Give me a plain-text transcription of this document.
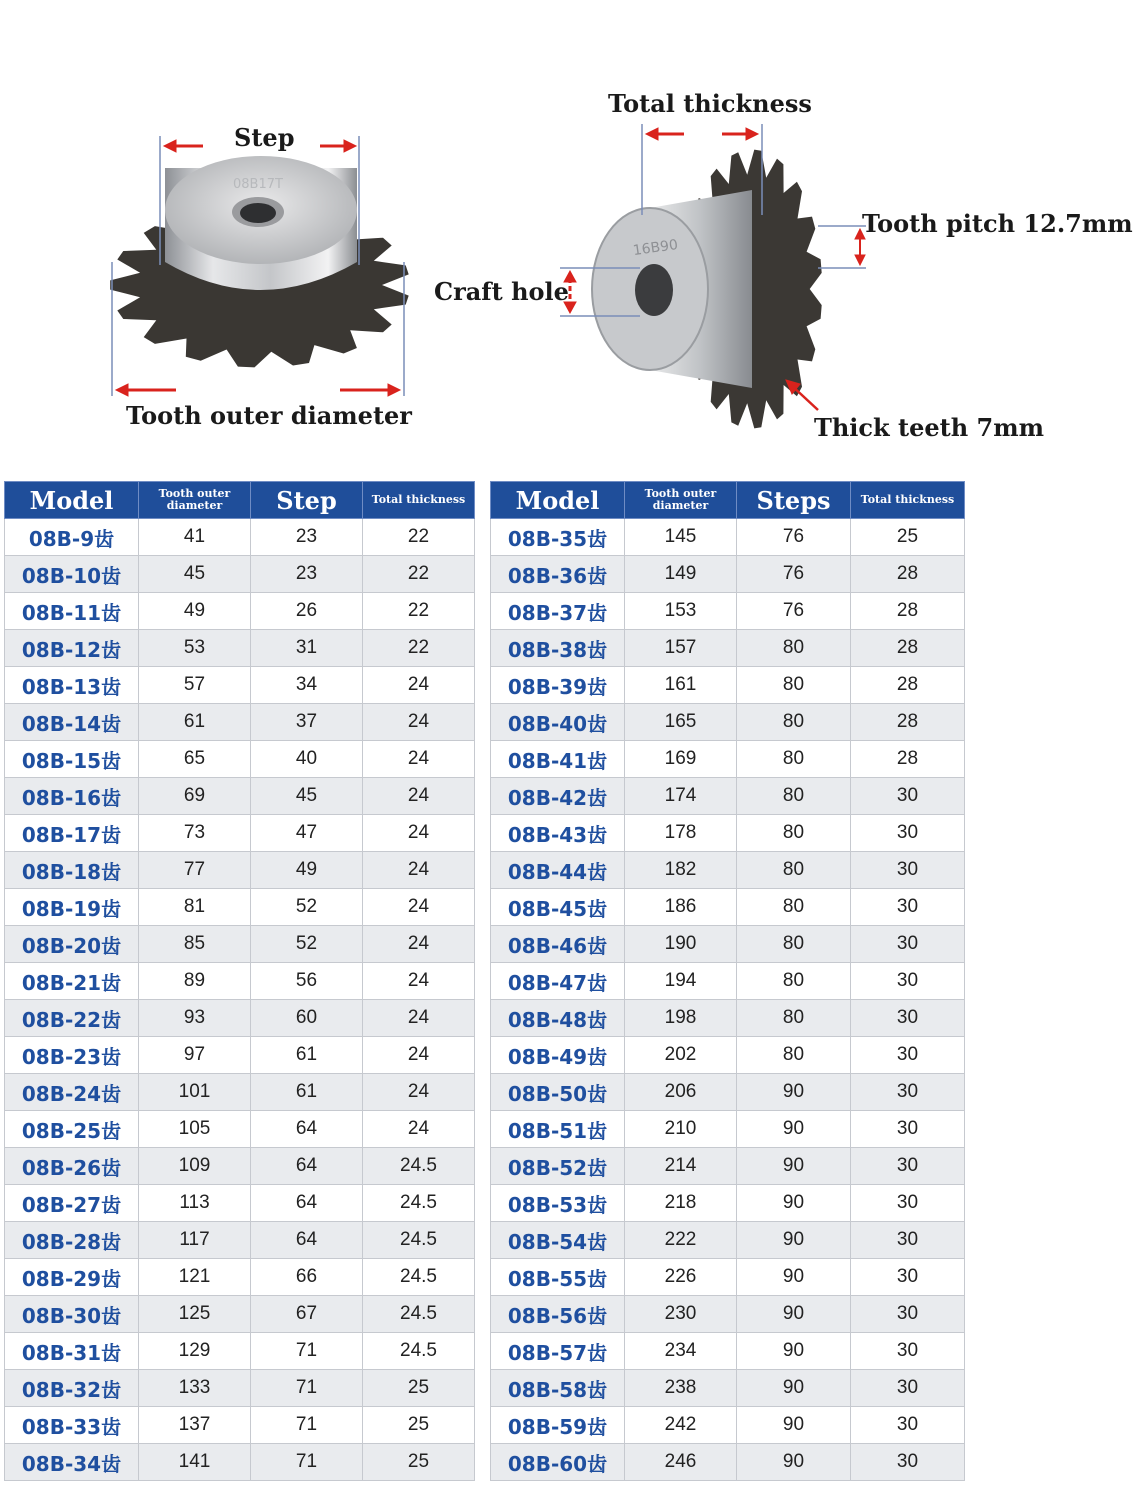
08B17T
16B90
Step
Tooth outer diameter
Total thickness
Craft hole
Tooth pitch 12.7mm
Thick teeth 7mm
Model	Tooth outer diameter	Step	Total thickness
08B-9齿	41	23	22
08B-10齿	45	23	22
08B-11齿	49	26	22
08B-12齿	53	31	22
08B-13齿	57	34	24
08B-14齿	61	37	24
08B-15齿	65	40	24
08B-16齿	69	45	24
08B-17齿	73	47	24
08B-18齿	77	49	24
08B-19齿	81	52	24
08B-20齿	85	52	24
08B-21齿	89	56	24
08B-22齿	93	60	24
08B-23齿	97	61	24
08B-24齿	101	61	24
08B-25齿	105	64	24
08B-26齿	109	64	24.5
08B-27齿	113	64	24.5
08B-28齿	117	64	24.5
08B-29齿	121	66	24.5
08B-30齿	125	67	24.5
08B-31齿	129	71	24.5
08B-32齿	133	71	25
08B-33齿	137	71	25
08B-34齿	141	71	25
Model	Tooth outer diameter	Steps	Total thickness
08B-35齿	145	76	25
08B-36齿	149	76	28
08B-37齿	153	76	28
08B-38齿	157	80	28
08B-39齿	161	80	28
08B-40齿	165	80	28
08B-41齿	169	80	28
08B-42齿	174	80	30
08B-43齿	178	80	30
08B-44齿	182	80	30
08B-45齿	186	80	30
08B-46齿	190	80	30
08B-47齿	194	80	30
08B-48齿	198	80	30
08B-49齿	202	80	30
08B-50齿	206	90	30
08B-51齿	210	90	30
08B-52齿	214	90	30
08B-53齿	218	90	30
08B-54齿	222	90	30
08B-55齿	226	90	30
08B-56齿	230	90	30
08B-57齿	234	90	30
08B-58齿	238	90	30
08B-59齿	242	90	30
08B-60齿	246	90	30
